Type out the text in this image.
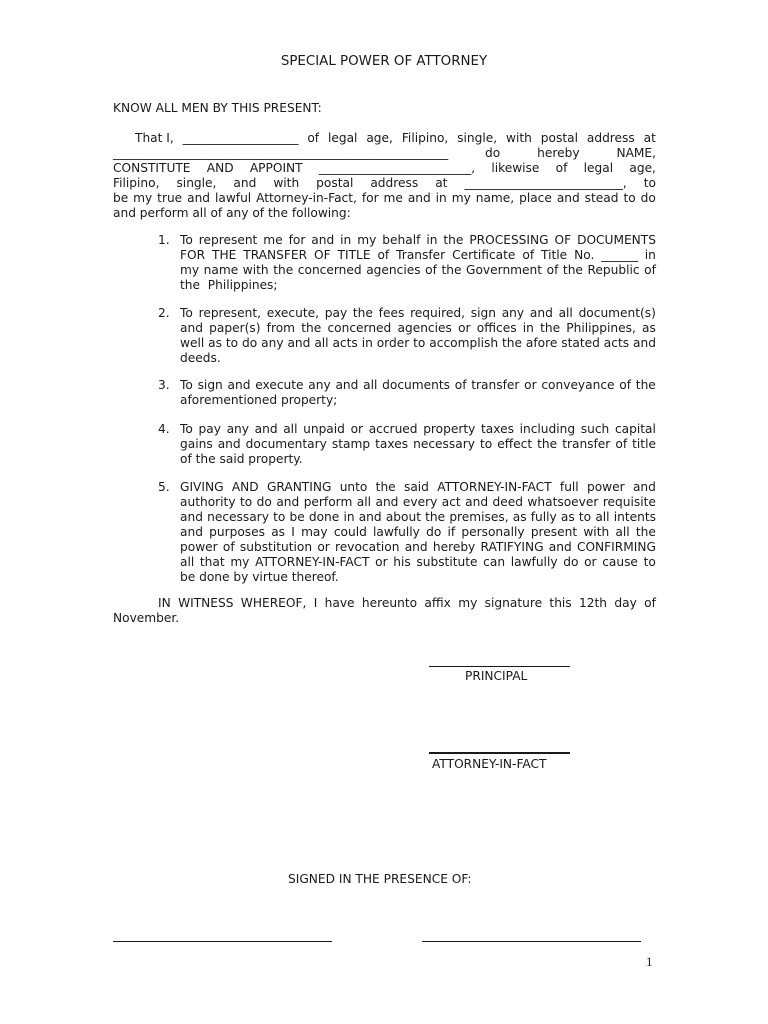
SPECIAL POWER OF ATTORNEY
KNOW ALL MEN BY THIS PRESENT:
That I, ___________________ of legal age, Filipino, single, with postal address at
_______________________________________________________	do	hereby	NAME,
CONSTITUTE AND APPOINT _________________________, likewise of legal age,
Filipino, single, and with postal address at __________________________, to
be my true and lawful Attorney-in-Fact, for me and in my name, place and stead to do
and perform all of any of the following:
1. To represent me for and in my behalf in the PROCESSING OF DOCUMENTS
FOR THE TRANSFER OF TITLE of Transfer Certificate of Title No. ______ in
my name with the concerned agencies of the Government of the Republic of
the  Philippines;
2. To represent, execute, pay the fees required, sign any and all document(s)
and paper(s) from the concerned agencies or offices in the Philippines, as
well as to do any and all acts in order to accomplish the afore stated acts and
deeds.
3. To sign and execute any and all documents of transfer or conveyance of the
aforementioned property;
4. To pay any and all unpaid or accrued property taxes including such capital
gains and documentary stamp taxes necessary to effect the transfer of title
of the said property.
5. GIVING AND GRANTING unto the said ATTORNEY-IN-FACT full power and
authority to do and perform all and every act and deed whatsoever requisite
and necessary to be done in and about the premises, as fully as to all intents
and purposes as I may could lawfully do if personally present with all the
power of substitution or revocation and hereby RATIFYING and CONFIRMING
all that my ATTORNEY-IN-FACT or his substitute can lawfully do or cause to
be done by virtue thereof.
IN WITNESS WHEREOF, I have hereunto affix my signature this 12th day of
November.
PRINCIPAL
ATTORNEY-IN-FACT
SIGNED IN THE PRESENCE OF:
1
